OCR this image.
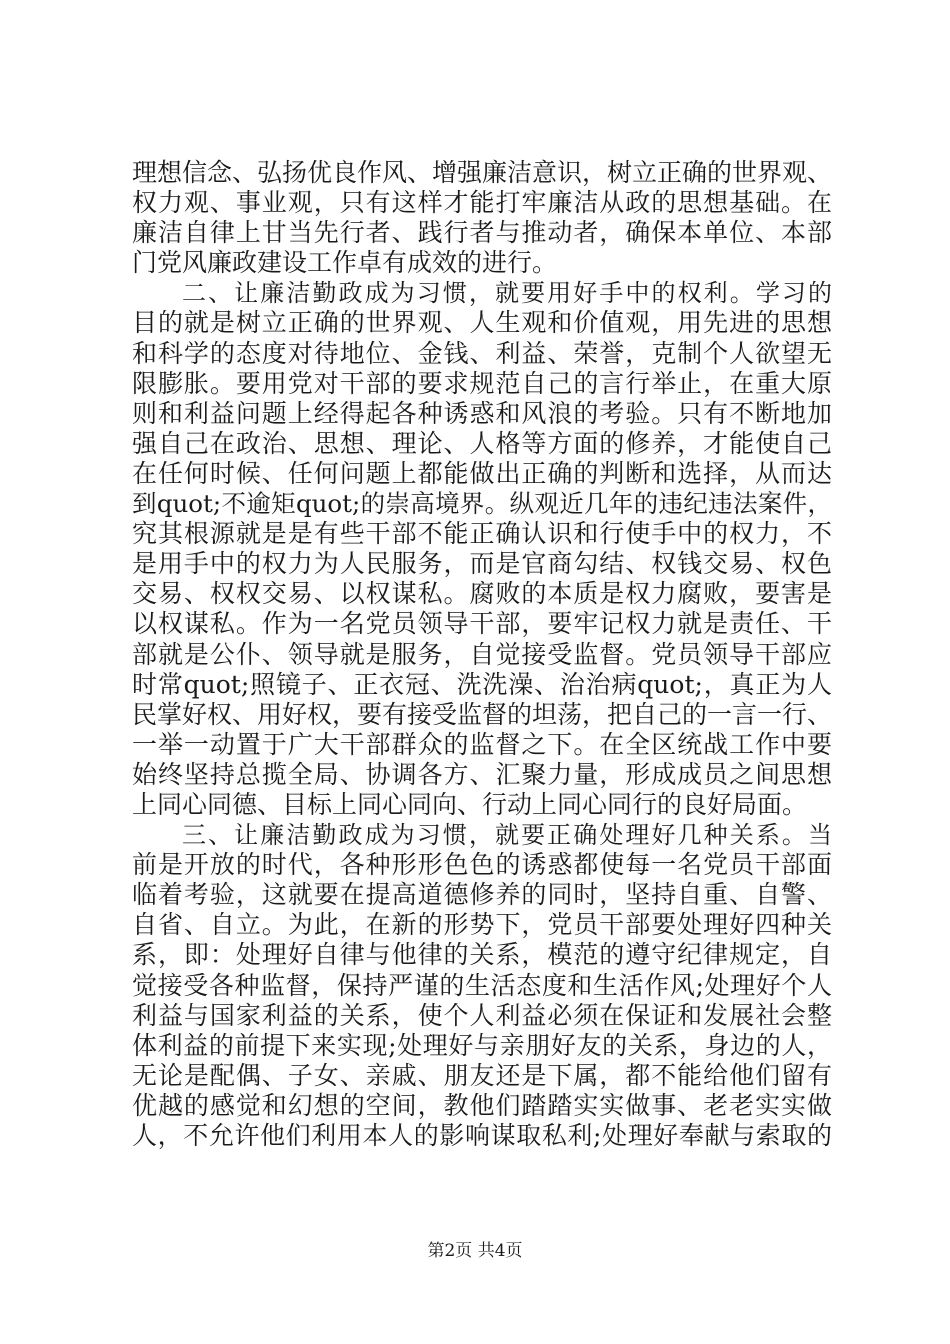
理想信念、弘扬优良作风、增强廉洁意识，树立正确的世界观、
权力观、事业观，只有这样才能打牢廉洁从政的思想基础。在
廉洁自律上甘当先行者、践行者与推动者，确保本单位、本部
门党风廉政建设工作卓有成效的进行。
二、让廉洁勤政成为习惯，就要用好手中的权利。学习的
目的就是树立正确的世界观、人生观和价值观，用先进的思想
和科学的态度对待地位、金钱、利益、荣誉，克制个人欲望无
限膨胀。要用党对干部的要求规范自己的言行举止，在重大原
则和利益问题上经得起各种诱惑和风浪的考验。只有不断地加
强自己在政治、思想、理论、人格等方面的修养，才能使自己
在任何时候、任何问题上都能做出正确的判断和选择，从而达
到quot;不逾矩quot;的崇高境界。纵观近几年的违纪违法案件，
究其根源就是是有些干部不能正确认识和行使手中的权力，不
是用手中的权力为人民服务，而是官商勾结、权钱交易、权色
交易、权权交易、以权谋私。腐败的本质是权力腐败，要害是
以权谋私。作为一名党员领导干部，要牢记权力就是责任、干
部就是公仆、领导就是服务，自觉接受监督。党员领导干部应
时常quot;照镜子、正衣冠、洗洗澡、治治病quot;，真正为人
民掌好权、用好权，要有接受监督的坦荡，把自己的一言一行、
一举一动置于广大干部群众的监督之下。在全区统战工作中要
始终坚持总揽全局、协调各方、汇聚力量，形成成员之间思想
上同心同德、目标上同心同向、行动上同心同行的良好局面。
三、让廉洁勤政成为习惯，就要正确处理好几种关系。当
前是开放的时代，各种形形色色的诱惑都使每一名党员干部面
临着考验，这就要在提高道德修养的同时，坚持自重、自警、
自省、自立。为此，在新的形势下，党员干部要处理好四种关
系，即：处理好自律与他律的关系，模范的遵守纪律规定，自
觉接受各种监督，保持严谨的生活态度和生活作风;处理好个人
利益与国家利益的关系，使个人利益必须在保证和发展社会整
体利益的前提下来实现;处理好与亲朋好友的关系，身边的人，
无论是配偶、子女、亲戚、朋友还是下属，都不能给他们留有
优越的感觉和幻想的空间，教他们踏踏实实做事、老老实实做
人，不允许他们利用本人的影响谋取私利;处理好奉献与索取的
第2页 共4页
